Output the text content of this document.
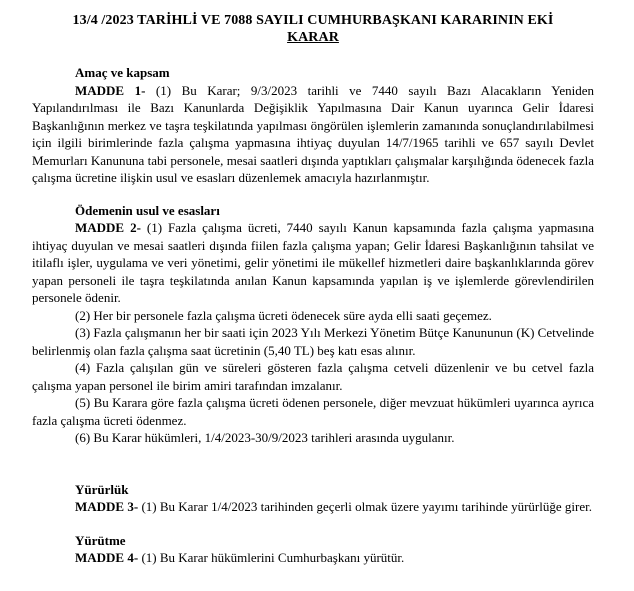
13/4 /2023 TARİHLİ VE 7088 SAYILI CUMHURBAŞKANI KARARININ EKİ
KARAR
Amaç ve kapsam

MADDE 1- (1) Bu Karar; 9/3/2023 tarihli ve 7440 sayılı Bazı Alacakların Yeniden Yapılandırılması ile Bazı Kanunlarda Değişiklik Yapılmasına Dair Kanun uyarınca Gelir İdaresi Başkanlığının merkez ve taşra teşkilatında yapılması öngörülen işlemlerin zamanında sonuçlandırılabilmesi için ilgili birimlerinde fazla çalışma yapmasına ihtiyaç duyulan 14/7/1965 tarihli ve 657 sayılı Devlet Memurları Kanununa tabi personele, mesai saatleri dışında yaptıkları çalışmalar karşılığında ödenecek fazla çalışma ücretine ilişkin usul ve esasları düzenlemek amacıyla hazırlanmıştır.

Ödemenin usul ve esasları

MADDE 2- (1) Fazla çalışma ücreti, 7440 sayılı Kanun kapsamında fazla çalışma yapmasına ihtiyaç duyulan ve mesai saatleri dışında fiilen fazla çalışma yapan; Gelir İdaresi Başkanlığının tahsilat ve itilaflı işler, uygulama ve veri yönetimi, gelir yönetimi ile mükellef hizmetleri daire başkanlıklarında görev yapan personeli ile taşra teşkilatında anılan Kanun kapsamında yapılan iş ve işlemlerde görevlendirilen personele ödenir.

(2) Her bir personele fazla çalışma ücreti ödenecek süre ayda elli saati geçemez.

(3) Fazla çalışmanın her bir saati için 2023 Yılı Merkezi Yönetim Bütçe Kanununun (K) Cetvelinde belirlenmiş olan fazla çalışma saat ücretinin (5,40 TL) beş katı esas alınır.

(4) Fazla çalışılan gün ve süreleri gösteren fazla çalışma cetveli düzenlenir ve bu cetvel fazla çalışma yapan personel ile birim amiri tarafından imzalanır.

(5) Bu Karara göre fazla çalışma ücreti ödenen personele, diğer mevzuat hükümleri uyarınca ayrıca fazla çalışma ücreti ödenmez.

(6) Bu Karar hükümleri, 1/4/2023-30/9/2023 tarihleri arasında uygulanır.

Yürürlük

MADDE 3- (1) Bu Karar 1/4/2023 tarihinden geçerli olmak üzere yayımı tarihinde yürürlüğe girer.

Yürütme

MADDE 4- (1) Bu Karar hükümlerini Cumhurbaşkanı yürütür.
